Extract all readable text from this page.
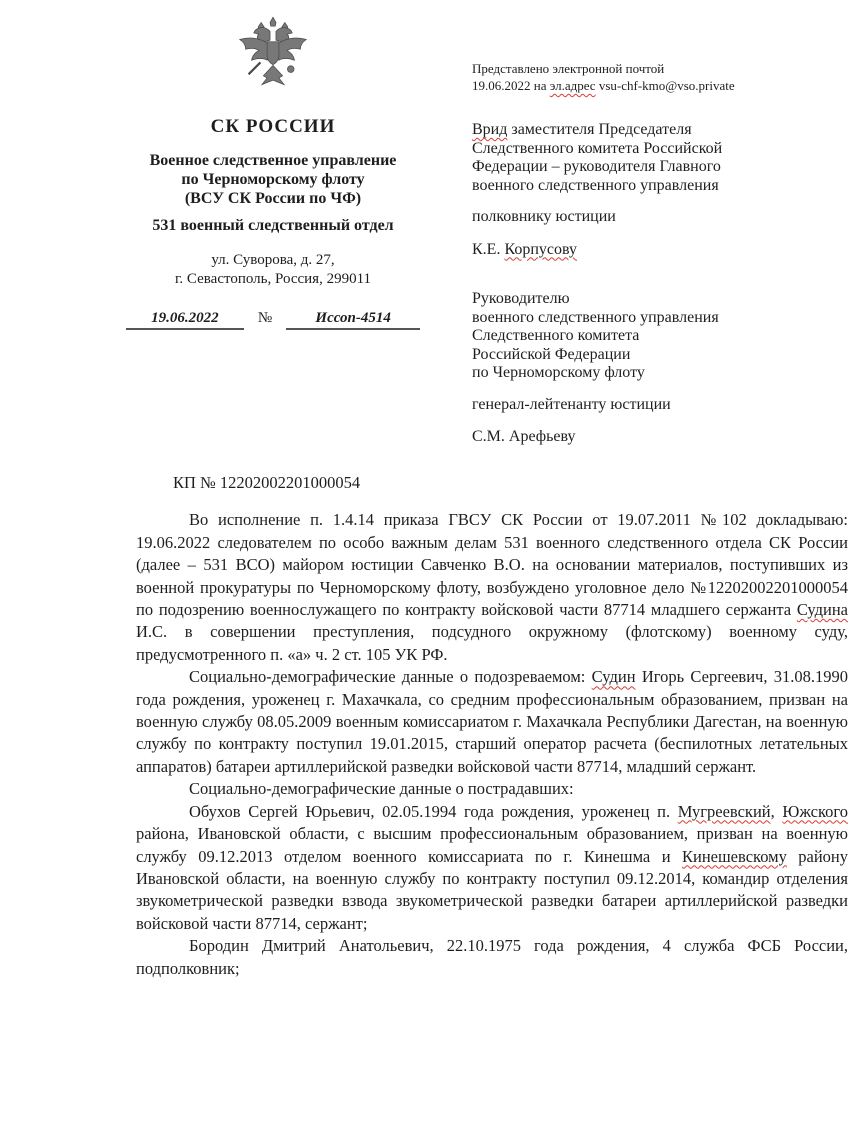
СК РОССИИ
Военное следственное управление
по Черноморскому флоту
(ВСУ СК России по ЧФ)
531 военный следственный отдел
ул. Суворова, д. 27,
г. Севастополь, Россия, 299011
19.06.2022	№	Иссоп-4514
Представлено электронной почтой
19.06.2022 на эл.адрес vsu-chf-kmo@vso.private
Врид заместителя Председателя
Следственного комитета Российской
Федерации – руководителя Главного
военного следственного управления
полковнику юстиции
К.Е. Корпусову
Руководителю
военного следственного управления
Следственного комитета
Российской Федерации
по Черноморскому флоту
генерал-лейтенанту юстиции
С.М. Арефьеву
КП № 12202002201000054

Во исполнение п. 1.4.14 приказа ГВСУ СК России от 19.07.2011 №102 докладываю: 19.06.2022 следователем по особо важным делам 531 военного следственного отдела СК России (далее – 531 ВСО) майором юстиции Савченко В.О. на основании материалов, поступивших из военной прокуратуры по Черноморскому флоту, возбуждено уголовное дело №12202002201000054 по подозрению военнослужащего по контракту войсковой части 87714 младшего сержанта Судина И.С. в совершении преступления, подсудного окружному (флотскому) военному суду, предусмотренного п. «а» ч. 2 ст. 105 УК РФ.

Социально-демографические данные о подозреваемом: Судин Игорь Сергеевич, 31.08.1990 года рождения, уроженец г. Махачкала, со средним профессиональным образованием, призван на военную службу 08.05.2009 военным комиссариатом г. Махачкала Республики Дагестан, на военную службу по контракту поступил 19.01.2015, старший оператор расчета (беспилотных летательных аппаратов) батареи артиллерийской разведки войсковой части 87714, младший сержант.

Социально-демографические данные о пострадавших:

Обухов Сергей Юрьевич, 02.05.1994 года рождения, уроженец п. Мугреевский, Южского района, Ивановской области, с высшим профессиональным образованием, призван на военную службу 09.12.2013 отделом военного комиссариата по г. Кинешма и Кинешевскому району Ивановской области, на военную службу по контракту поступил 09.12.2014, командир отделения звукометрической разведки взвода звукометрической разведки батареи артиллерийской разведки войсковой части 87714, сержант;

Бородин Дмитрий Анатольевич, 22.10.1975 года рождения, 4 служба ФСБ России, подполковник;
